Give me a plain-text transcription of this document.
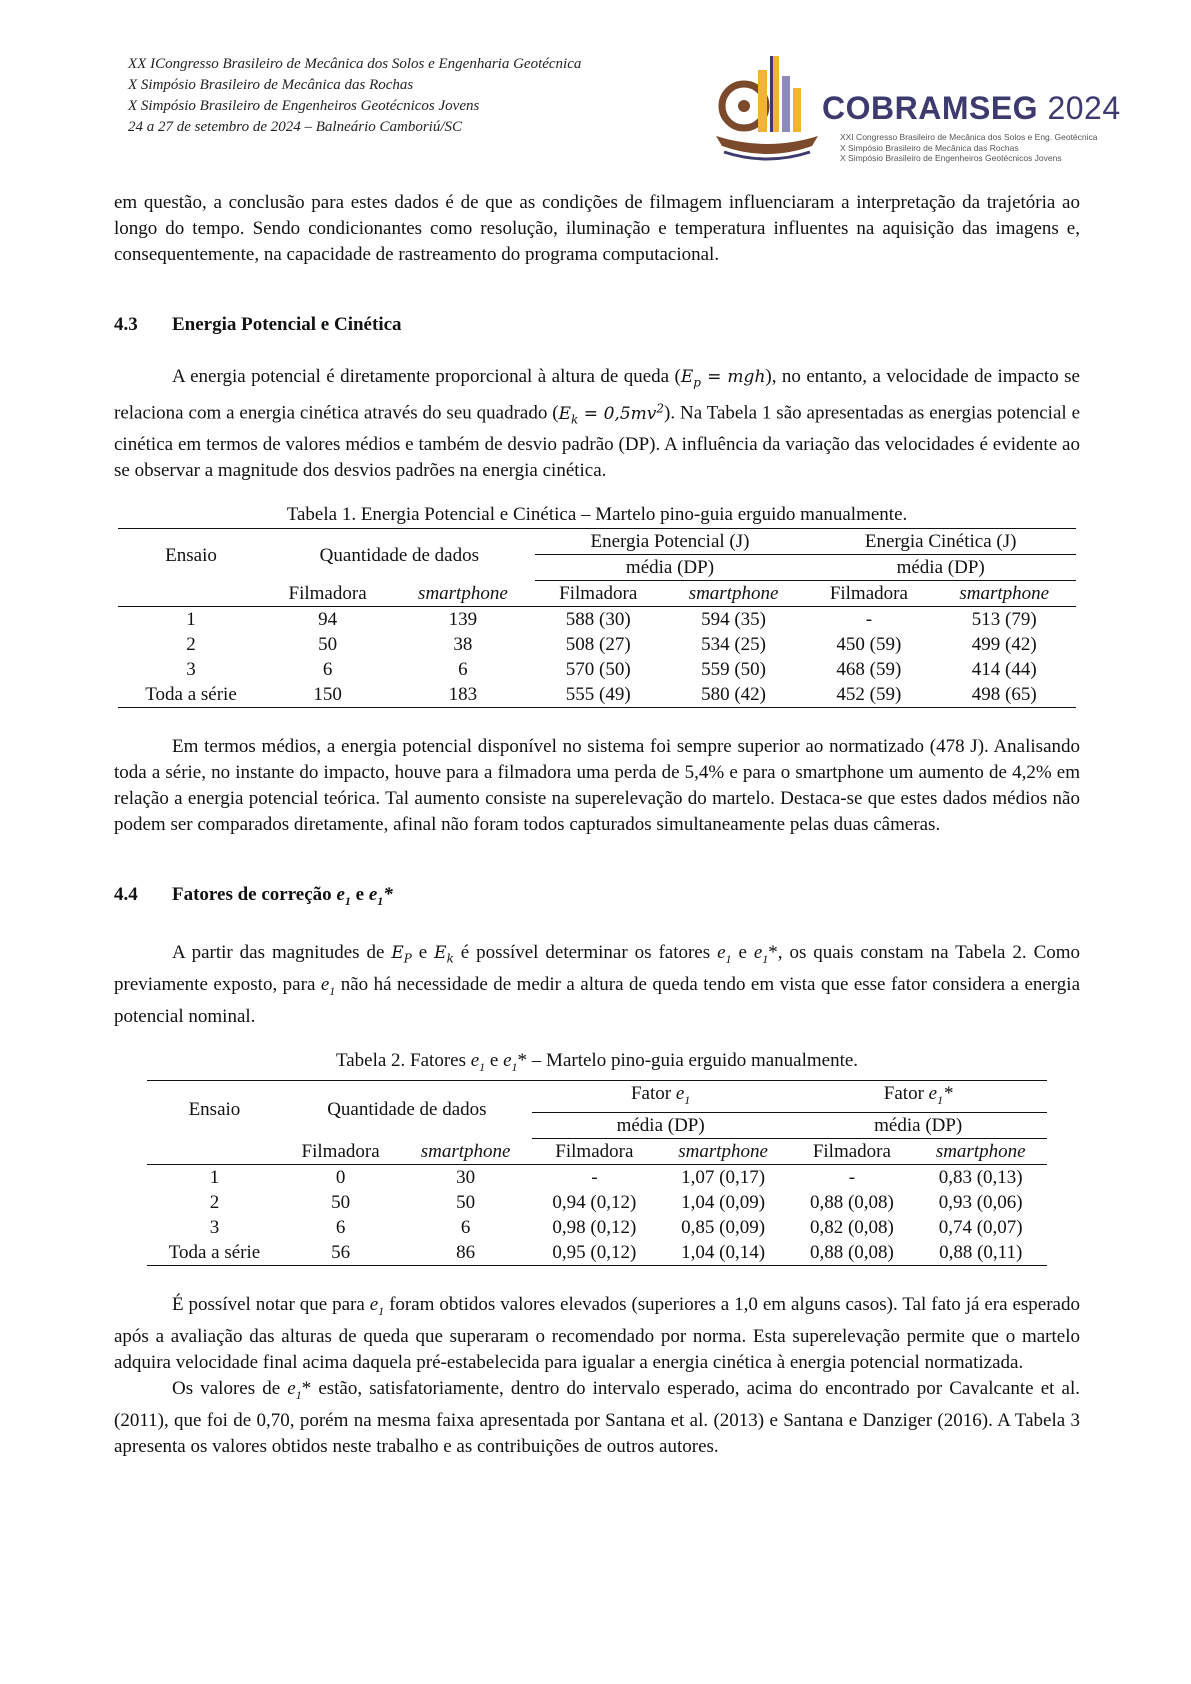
XX ICongresso Brasileiro de Mecânica dos Solos e Engenharia Geotécnica
X Simpósio Brasileiro de Mecânica das Rochas
X Simpósio Brasileiro de Engenheiros Geotécnicos Jovens
24 a 27 de setembro de 2024 – Balneário Camboriú/SC
COBRAMSEG 2024
XXI Congresso Brasileiro de Mecânica dos Solos e Eng. Geotécnica
X Simpósio Brasileiro de Mecânica das Rochas
X Simpósio Brasileiro de Engenheiros Geotécnicos Jovens

em questão, a conclusão para estes dados é de que as condições de filmagem influenciaram a interpretação da trajetória ao longo do tempo. Sendo condicionantes como resolução, iluminação e temperatura influentes na aquisição das imagens e, consequentemente, na capacidade de rastreamento do programa computacional.

4.3 Energia Potencial e Cinética

A energia potencial é diretamente proporcional à altura de queda $(E_p = mgh)$, no entanto, a velocidade de impacto se relaciona com a energia cinética através do seu quadrado $(E_k = 0,5mv^2)$. Na Tabela 1 são apresentadas as energias potencial e cinética em termos de valores médios e também de desvio padrão (DP). A influência da variação das velocidades é evidente ao se observar a magnitude dos desvios padrões na energia cinética.

Tabela 1. Energia Potencial e Cinética – Martelo pino-guia erguido manualmente.
Ensaio	Quantidade de dados		Energia Potencial (J)		Energia Cinética (J)	
			média (DP)		média (DP)	
	Filmadora	smartphone	Filmadora	smartphone	Filmadora	smartphone
1	94	139	588 (30)	594 (35)	-	513 (79)
2	50	38	508 (27)	534 (25)	450 (59)	499 (42)
3	6	6	570 (50)	559 (50)	468 (59)	414 (44)
Toda a série	150	183	555 (49)	580 (42)	452 (59)	498 (65)

Em termos médios, a energia potencial disponível no sistema foi sempre superior ao normatizado (478 J). Analisando toda a série, no instante do impacto, houve para a filmadora uma perda de 5,4% e para o smartphone um aumento de 4,2% em relação a energia potencial teórica. Tal aumento consiste na superelevação do martelo. Destaca-se que estes dados médios não podem ser comparados diretamente, afinal não foram todos capturados simultaneamente pelas duas câmeras.

4.4 Fatores de correção $e_1$ e $e_1*$

A partir das magnitudes de $E_P$ e $E_k$ é possível determinar os fatores $e_1$ e $e_1*$, os quais constam na Tabela 2. Como previamente exposto, para $e_1$ não há necessidade de medir a altura de queda tendo em vista que esse fator considera a energia potencial nominal.

Tabela 2. Fatores $e_1$ e $e_1*$ – Martelo pino-guia erguido manualmente.
Ensaio	Quantidade de dados		Fator $e_1$		Fator $e_1*$	
			média (DP)		média (DP)	
	Filmadora	smartphone	Filmadora	smartphone	Filmadora	smartphone
1	0	30	-	1,07 (0,17)	-	0,83 (0,13)
2	50	50	0,94 (0,12)	1,04 (0,09)	0,88 (0,08)	0,93 (0,06)
3	6	6	0,98 (0,12)	0,85 (0,09)	0,82 (0,08)	0,74 (0,07)
Toda a série	56	86	0,95 (0,12)	1,04 (0,14)	0,88 (0,08)	0,88 (0,11)

É possível notar que para $e_1$ foram obtidos valores elevados (superiores a 1,0 em alguns casos). Tal fato já era esperado após a avaliação das alturas de queda que superaram o recomendado por norma. Esta superelevação permite que o martelo adquira velocidade final acima daquela pré-estabelecida para igualar a energia cinética à energia potencial normatizada.

Os valores de $e_1*$ estão, satisfatoriamente, dentro do intervalo esperado, acima do encontrado por Cavalcante et al. (2011), que foi de 0,70, porém na mesma faixa apresentada por Santana et al. (2013) e Santana e Danziger (2016). A Tabela 3 apresenta os valores obtidos neste trabalho e as contribuições de outros autores.
